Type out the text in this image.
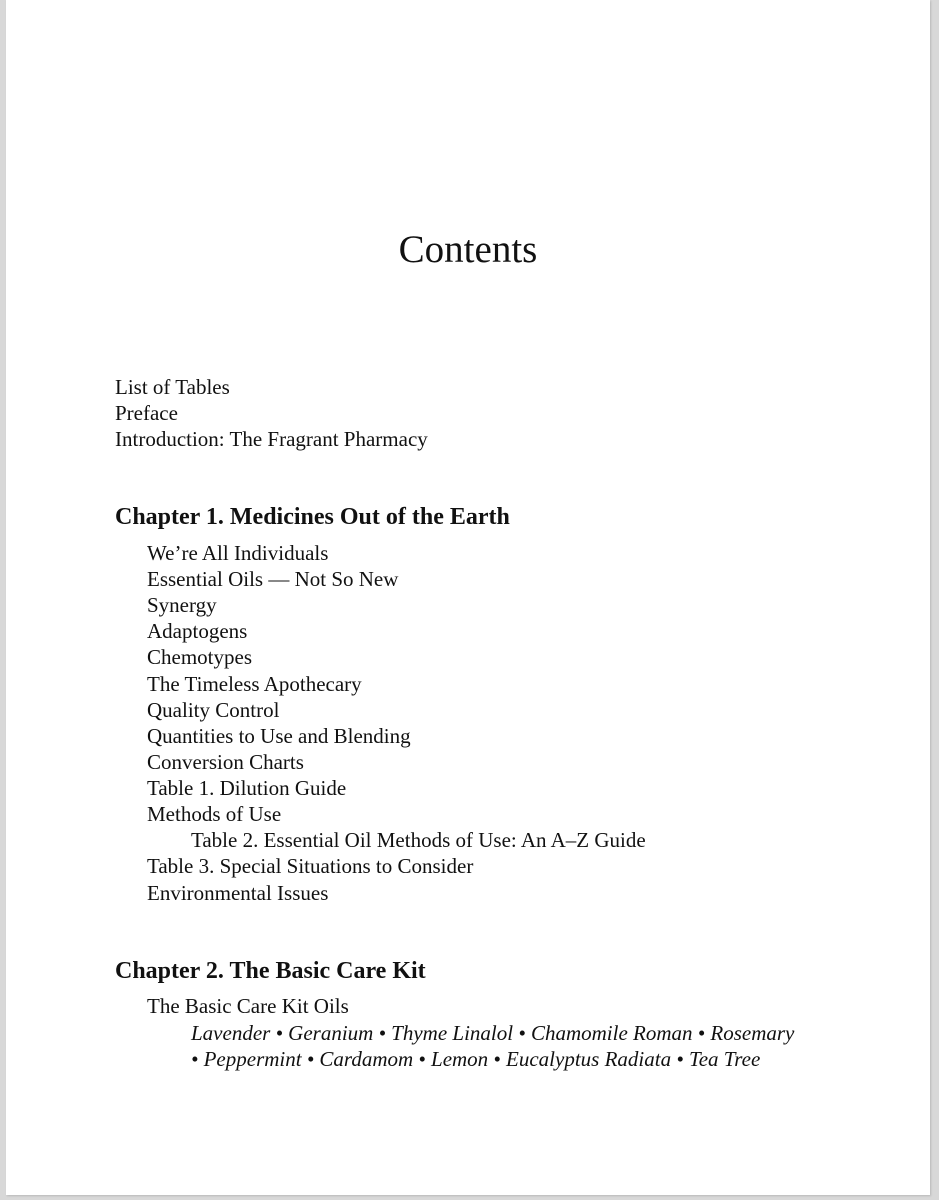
Contents

List of Tables

Preface

Introduction: The Fragrant Pharmacy

Chapter 1. Medicines Out of the Earth

We’re All Individuals

Essential Oils — Not So New

Synergy

Adaptogens

Chemotypes

The Timeless Apothecary

Quality Control

Quantities to Use and Blending

Conversion Charts

Table 1. Dilution Guide

Methods of Use

Table 2. Essential Oil Methods of Use: An A–Z Guide

Table 3. Special Situations to Consider

Environmental Issues

Chapter 2. The Basic Care Kit

The Basic Care Kit Oils

Lavender • Geranium • Thyme Linalol • Chamomile Roman • Rosemary

• Peppermint • Cardamom • Lemon • Eucalyptus Radiata • Tea Tree
